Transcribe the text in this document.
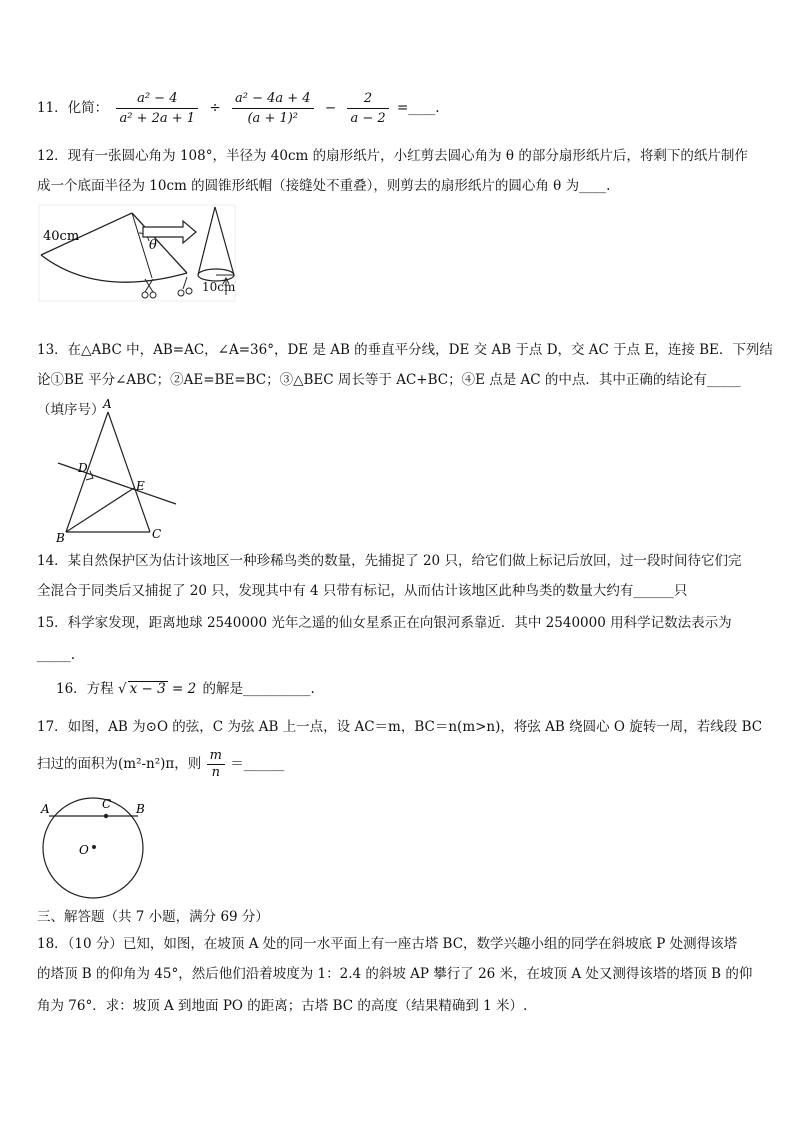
11．化简： $\frac{\text{a² − 4}}{\text{a² + 2a + 1}} \div \frac{\text{a² − 4a + 4}}{\text{(a + 1)²}} - \frac{2}{a - 2}$ =____.
12．现有一张圆心角为 108°，半径为 40cm 的扇形纸片，小红剪去圆心角为 θ 的部分扇形纸片后，将剩下的纸片制作
成一个底面半径为 10cm 的圆锥形纸帽（接缝处不重叠），则剪去的扇形纸片的圆心角 θ 为____.
40cm
θ
10cm
13．在△ABC 中，AB=AC，∠A=36°，DE 是 AB 的垂直平分线，DE 交 AB 于点 D，交 AC 于点 E，连接 BE．下列结
论①BE 平分∠ABC；②AE=BE=BC；③△BEC 周长等于 AC+BC；④E 点是 AC 的中点．其中正确的结论有_____
（填序号）
A
B	C
D
E
14．某自然保护区为估计该地区一种珍稀鸟类的数量，先捕捉了 20 只，给它们做上标记后放回，过一段时间待它们完
全混合于同类后又捕捉了 20 只，发现其中有 4 只带有标记，从而估计该地区此种鸟类的数量大约有______只
15．科学家发现，距离地球 2540000 光年之遥的仙女星系正在向银河系靠近．其中 2540000 用科学记数法表示为
_____.
16．方程 √ x − 3 = 2 的解是__________.
17．如图，AB 为⊙O 的弦，C 为弦 AB 上一点，设 AC＝m，BC＝n(m>n)，将弦 AB 绕圆心 O 旋转一周，若线段 BC
扫过的面积为(m²-n²)π，则 $\frac{m}{n}$ ＝______
A	B
C
O
三、解答题（共 7 小题，满分 69 分）
18．（10 分）已知，如图，在坡顶 A 处的同一水平面上有一座古塔 BC，数学兴趣小组的同学在斜坡底 P 处测得该塔
的塔顶 B 的仰角为 45°，然后他们沿着坡度为 1：2.4 的斜坡 AP 攀行了 26 米，在坡顶 A 处又测得该塔的塔顶 B 的仰
角为 76°．求：坡顶 A 到地面 PO 的距离；古塔 BC 的高度（结果精确到 1 米）.
